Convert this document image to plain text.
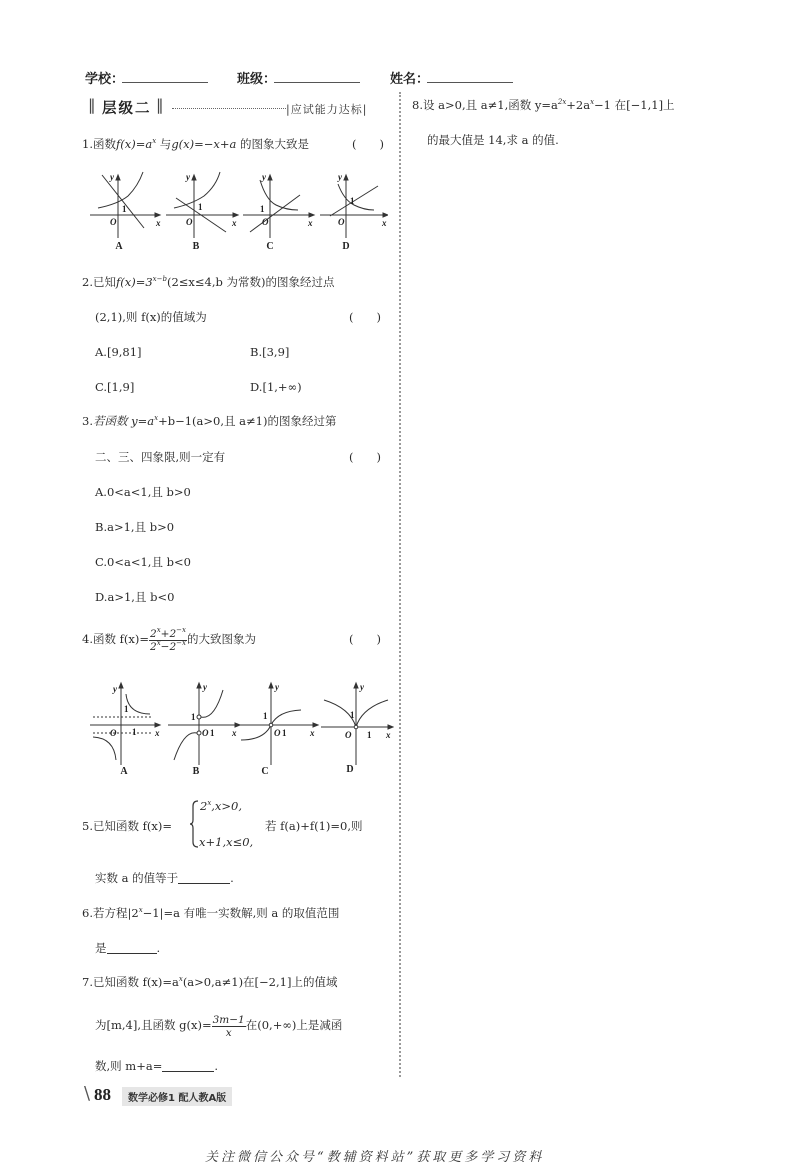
学校：	班级：	姓名：
‖ 层级二 ‖	|应试能力达标|
1.函数$f(x)=a^x$ 与g(x)=−x+a 的图象大致是	(　　)
y
x
O
1
y
x
O
1
y
x
O
1
y
x
O
1
A	B	C	D
2.已知$f(x)=3^{x-b}(2\le x\le 4,b$ 为常数)的图象经过点
(2,1),则 f(x)的值域为	(　　)
A.[9,81]	B.[3,9]
C.[1,9]	D.[1,+∞)
3.若函数 $y=a^x+b-1(a>0$,且 a≠1)的图象经过第
二、三、四象限,则一定有	(　　)
A.0<a<1,且 b>0
B.a>1,且 b>0
C.0<a<1,且 b<0
D.a>1,且 b<0
4.函数 $f(x)= \frac{2^x+2^{-x}}{2^x-2^{-x}}$ 的大致图象为	(　　)
y
x
O
1
1
y
x
O
1
1
y
x
O
1
1
y
x
O
1
1
A	B	C	D
5.已知函数 f(x)=
$2^x,x>0$,
x+1,x≤0,
若 f(a)+f(1)=0,则
实数 a 的值等于	.
6.若方程$|2^x-1|=a$ 有唯一实数解,则 a 的取值范围
是	.
7.已知函数 $f(x)=a^x(a>0,a\ne 1)$在[−2,1]上的值域
为[m,4],且函数 $g(x)= \frac{3m-1}{x}$ 在(0,+∞)上是减函
数,则 m+a=	.
8.设 a>0,且 a≠1,函数 $y=a^{2x}+2a^x-1$ 在[−1,1]上
的最大值是 14,求 a 的值.
\ 88	数学必修1 配人教A版
关注微信公众号“教辅资料站”获取更多学习资料
